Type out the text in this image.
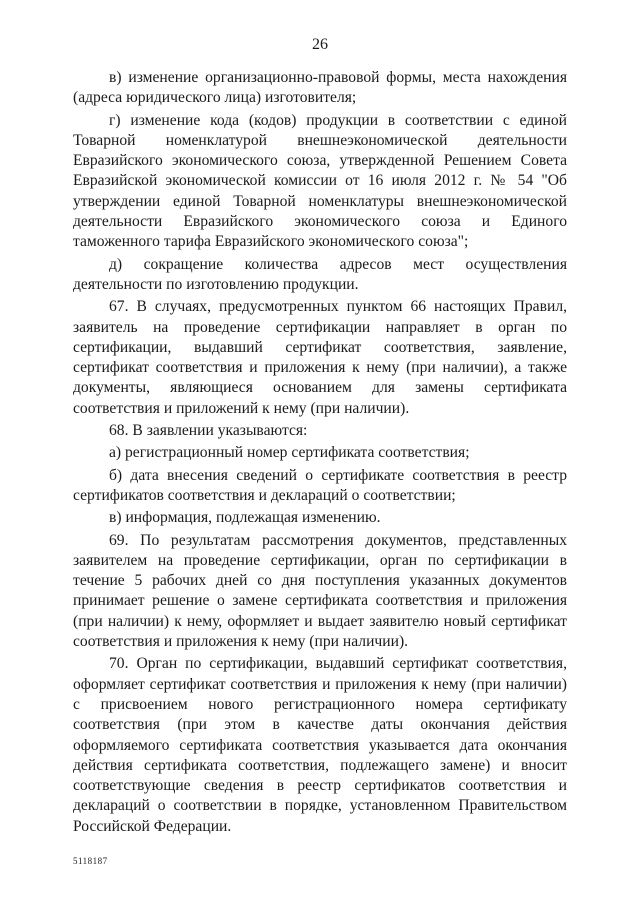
26

в) изменение организационно-правовой формы, места нахождения (адреса юридического лица) изготовителя;

г) изменение кода (кодов) продукции в соответствии с единой Товарной номенклатурой внешнеэкономической деятельности Евразийского экономического союза, утвержденной Решением Совета Евразийской экономической комиссии от 16 июля 2012 г. № 54 "Об утверждении единой Товарной номенклатуры внешнеэкономической деятельности Евразийского экономического союза и Единого таможенного тарифа Евразийского экономического союза";

д) сокращение количества адресов мест осуществления деятельности по изготовлению продукции.

67. В случаях, предусмотренных пунктом 66 настоящих Правил, заявитель на проведение сертификации направляет в орган по сертификации, выдавший сертификат соответствия, заявление, сертификат соответствия и приложения к нему (при наличии), а также документы, являющиеся основанием для замены сертификата соответствия и приложений к нему (при наличии).

68. В заявлении указываются:

а) регистрационный номер сертификата соответствия;

б) дата внесения сведений о сертификате соответствия в реестр сертификатов соответствия и деклараций о соответствии;

в) информация, подлежащая изменению.

69. По результатам рассмотрения документов, представленных заявителем на проведение сертификации, орган по сертификации в течение 5 рабочих дней со дня поступления указанных документов принимает решение о замене сертификата соответствия и приложения (при наличии) к нему, оформляет и выдает заявителю новый сертификат соответствия и приложения к нему (при наличии).

70. Орган по сертификации, выдавший сертификат соответствия, оформляет сертификат соответствия и приложения к нему (при наличии) с присвоением нового регистрационного номера сертификату соответствия (при этом в качестве даты окончания действия оформляемого сертификата соответствия указывается дата окончания действия сертификата соответствия, подлежащего замене) и вносит соответствующие сведения в реестр сертификатов соответствия и деклараций о соответствии в порядке, установленном Правительством Российской Федерации.

5118187
